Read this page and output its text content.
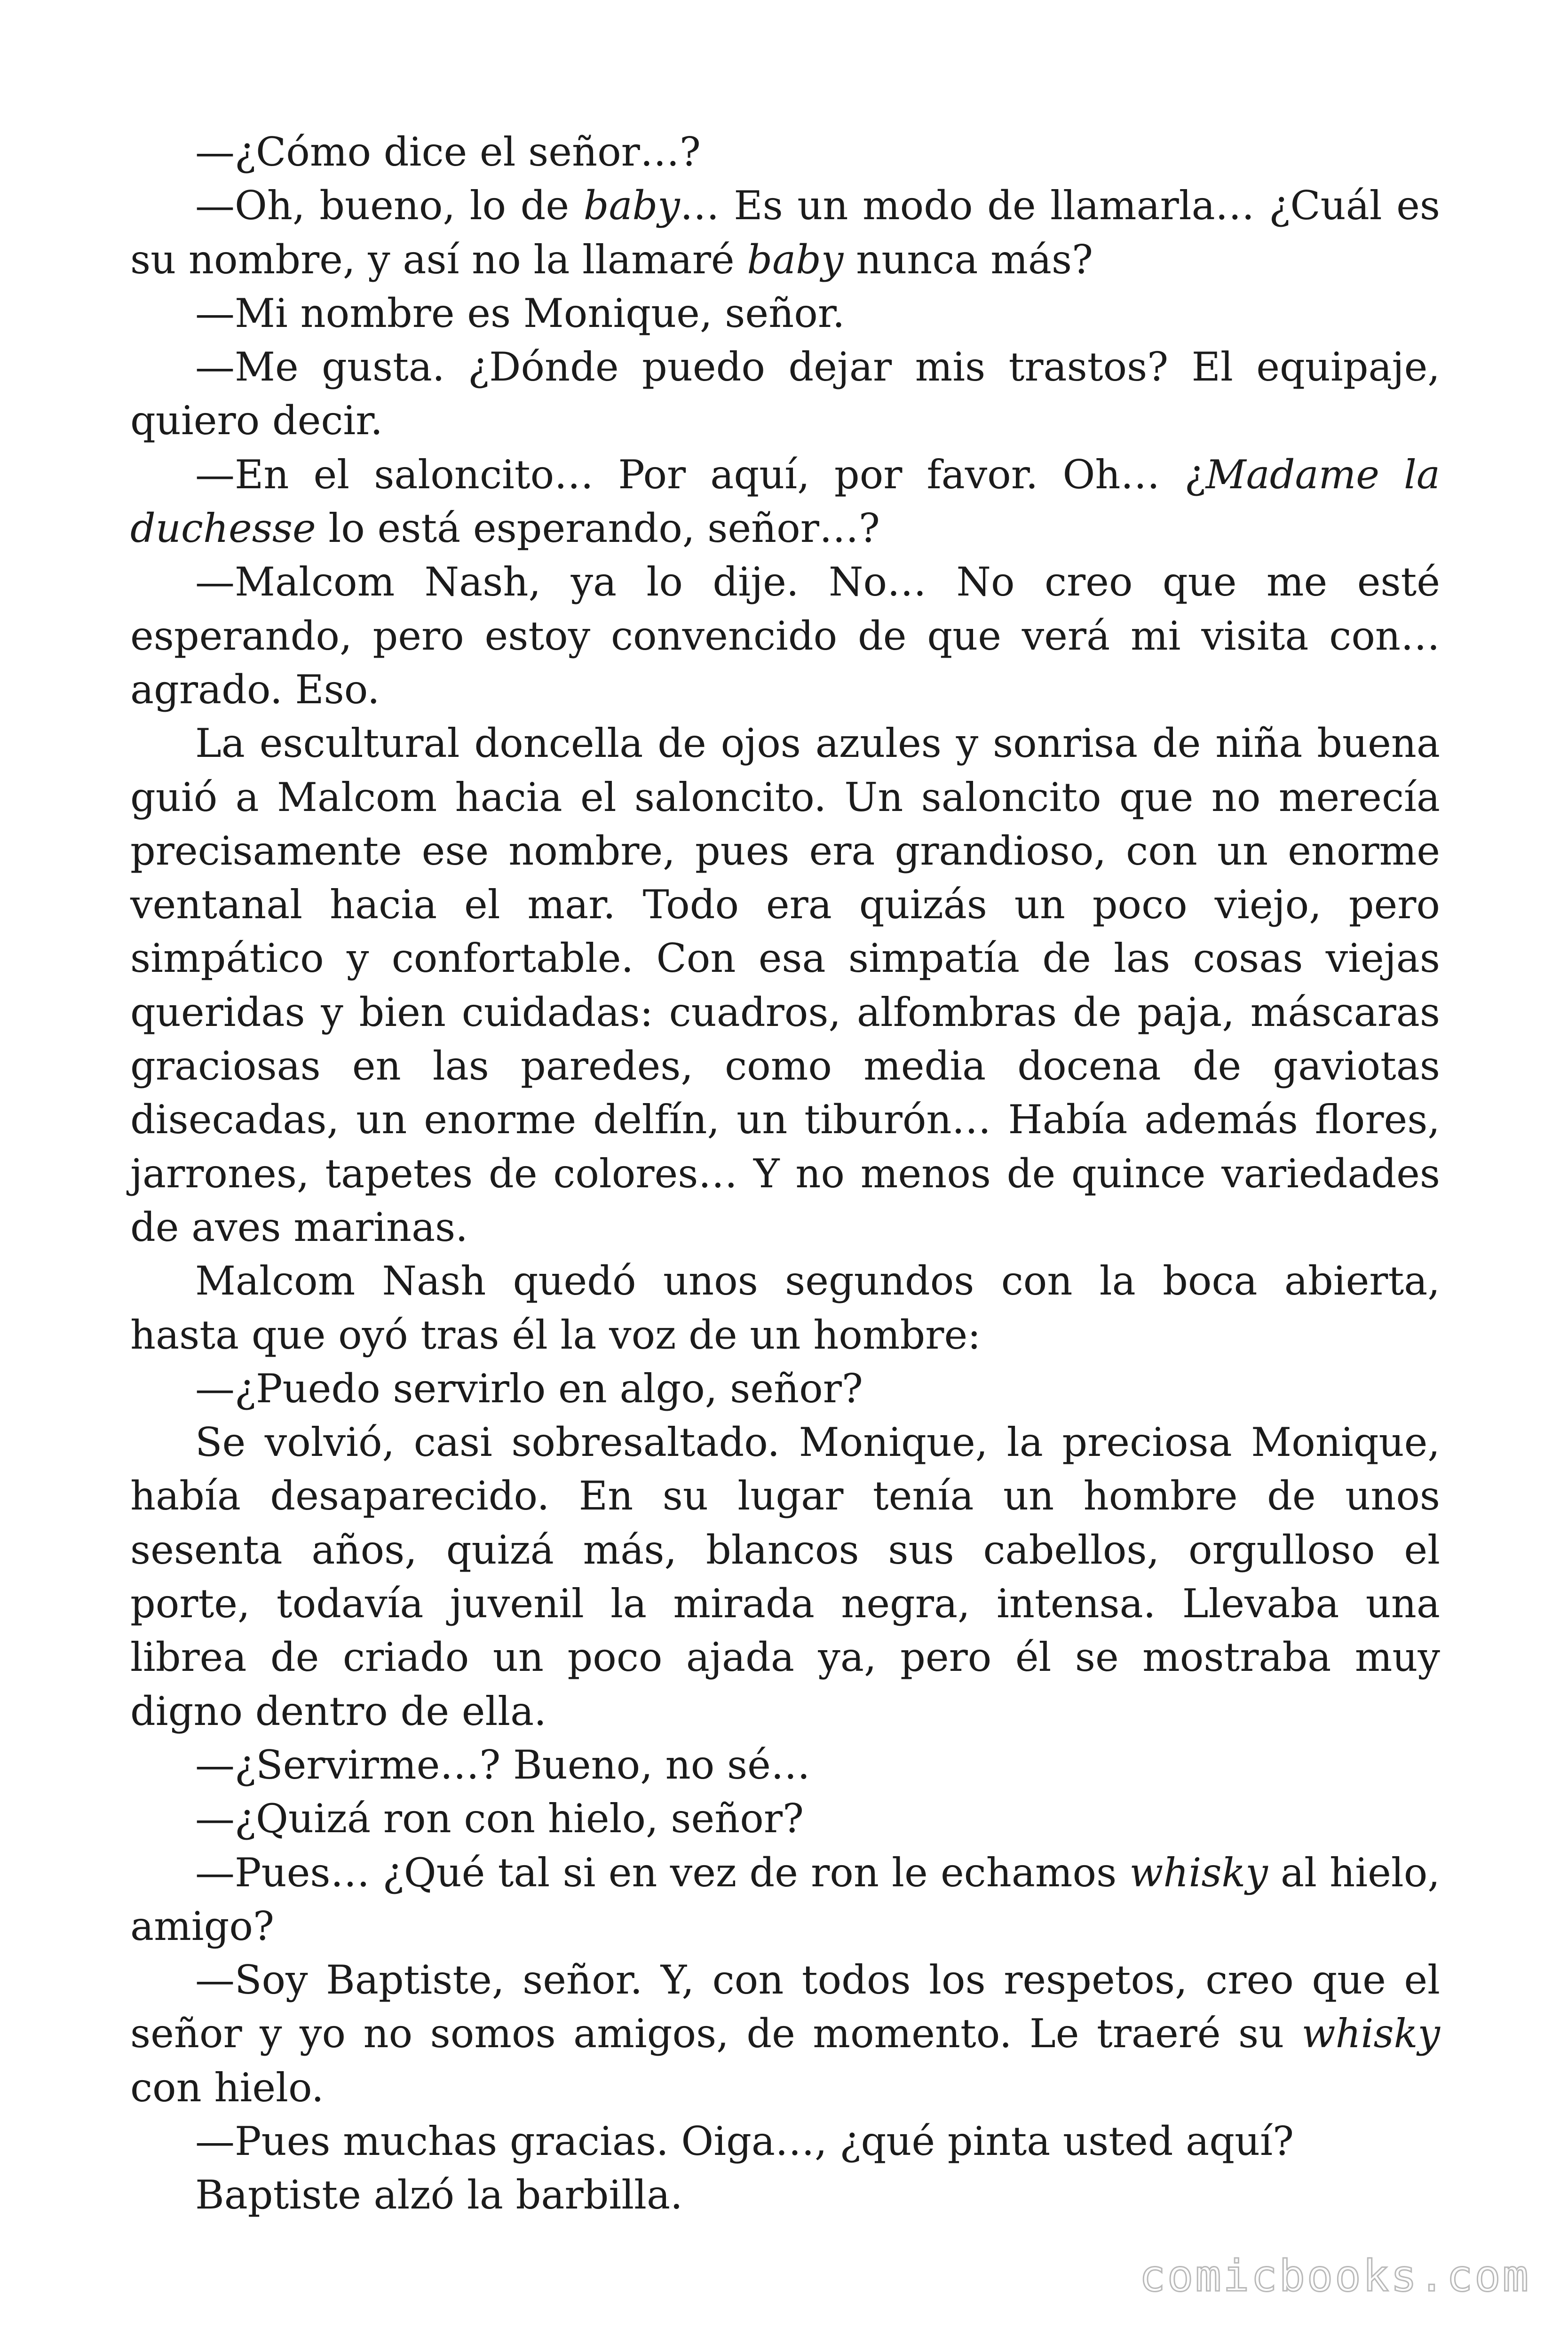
—¿Cómo dice el señor…?

—Oh, bueno, lo de baby… Es un modo de llamarla… ¿Cuál es su nombre, y así no la llamaré baby nunca más?

—Mi nombre es Monique, señor.

—Me gusta. ¿Dónde puedo dejar mis trastos? El equipaje, quiero decir.

—En el saloncito… Por aquí, por favor. Oh… ¿Madame la duchesse lo está esperando, señor…?

—Malcom Nash, ya lo dije. No… No creo que me esté esperando, pero estoy convencido de que verá mi visita con… agrado. Eso.

La escultural doncella de ojos azules y sonrisa de niña buena guió a Malcom hacia el saloncito. Un saloncito que no merecía precisamente ese nombre, pues era grandioso, con un enorme ventanal hacia el mar. Todo era quizás un poco viejo, pero simpático y confortable. Con esa simpatía de las cosas viejas queridas y bien cuidadas: cuadros, alfombras de paja, máscaras graciosas en las paredes, como media docena de gaviotas disecadas, un enorme delfín, un tiburón… Había además flores, jarrones, tapetes de colores… Y no menos de quince variedades de aves marinas.

Malcom Nash quedó unos segundos con la boca abierta, hasta que oyó tras él la voz de un hombre:

—¿Puedo servirlo en algo, señor?

Se volvió, casi sobresaltado. Monique, la preciosa Monique, había desaparecido. En su lugar tenía un hombre de unos sesenta años, quizá más, blancos sus cabellos, orgulloso el porte, todavía juvenil la mirada negra, intensa. Llevaba una librea de criado un poco ajada ya, pero él se mostraba muy digno dentro de ella.

—¿Servirme…? Bueno, no sé…

—¿Quizá ron con hielo, señor?

—Pues… ¿Qué tal si en vez de ron le echamos whisky al hielo, amigo?

—Soy Baptiste, señor. Y, con todos los respetos, creo que el señor y yo no somos amigos, de momento. Le traeré su whisky con hielo.

—Pues muchas gracias. Oiga…, ¿qué pinta usted aquí?

Baptiste alzó la barbilla.

comicbooks.com
